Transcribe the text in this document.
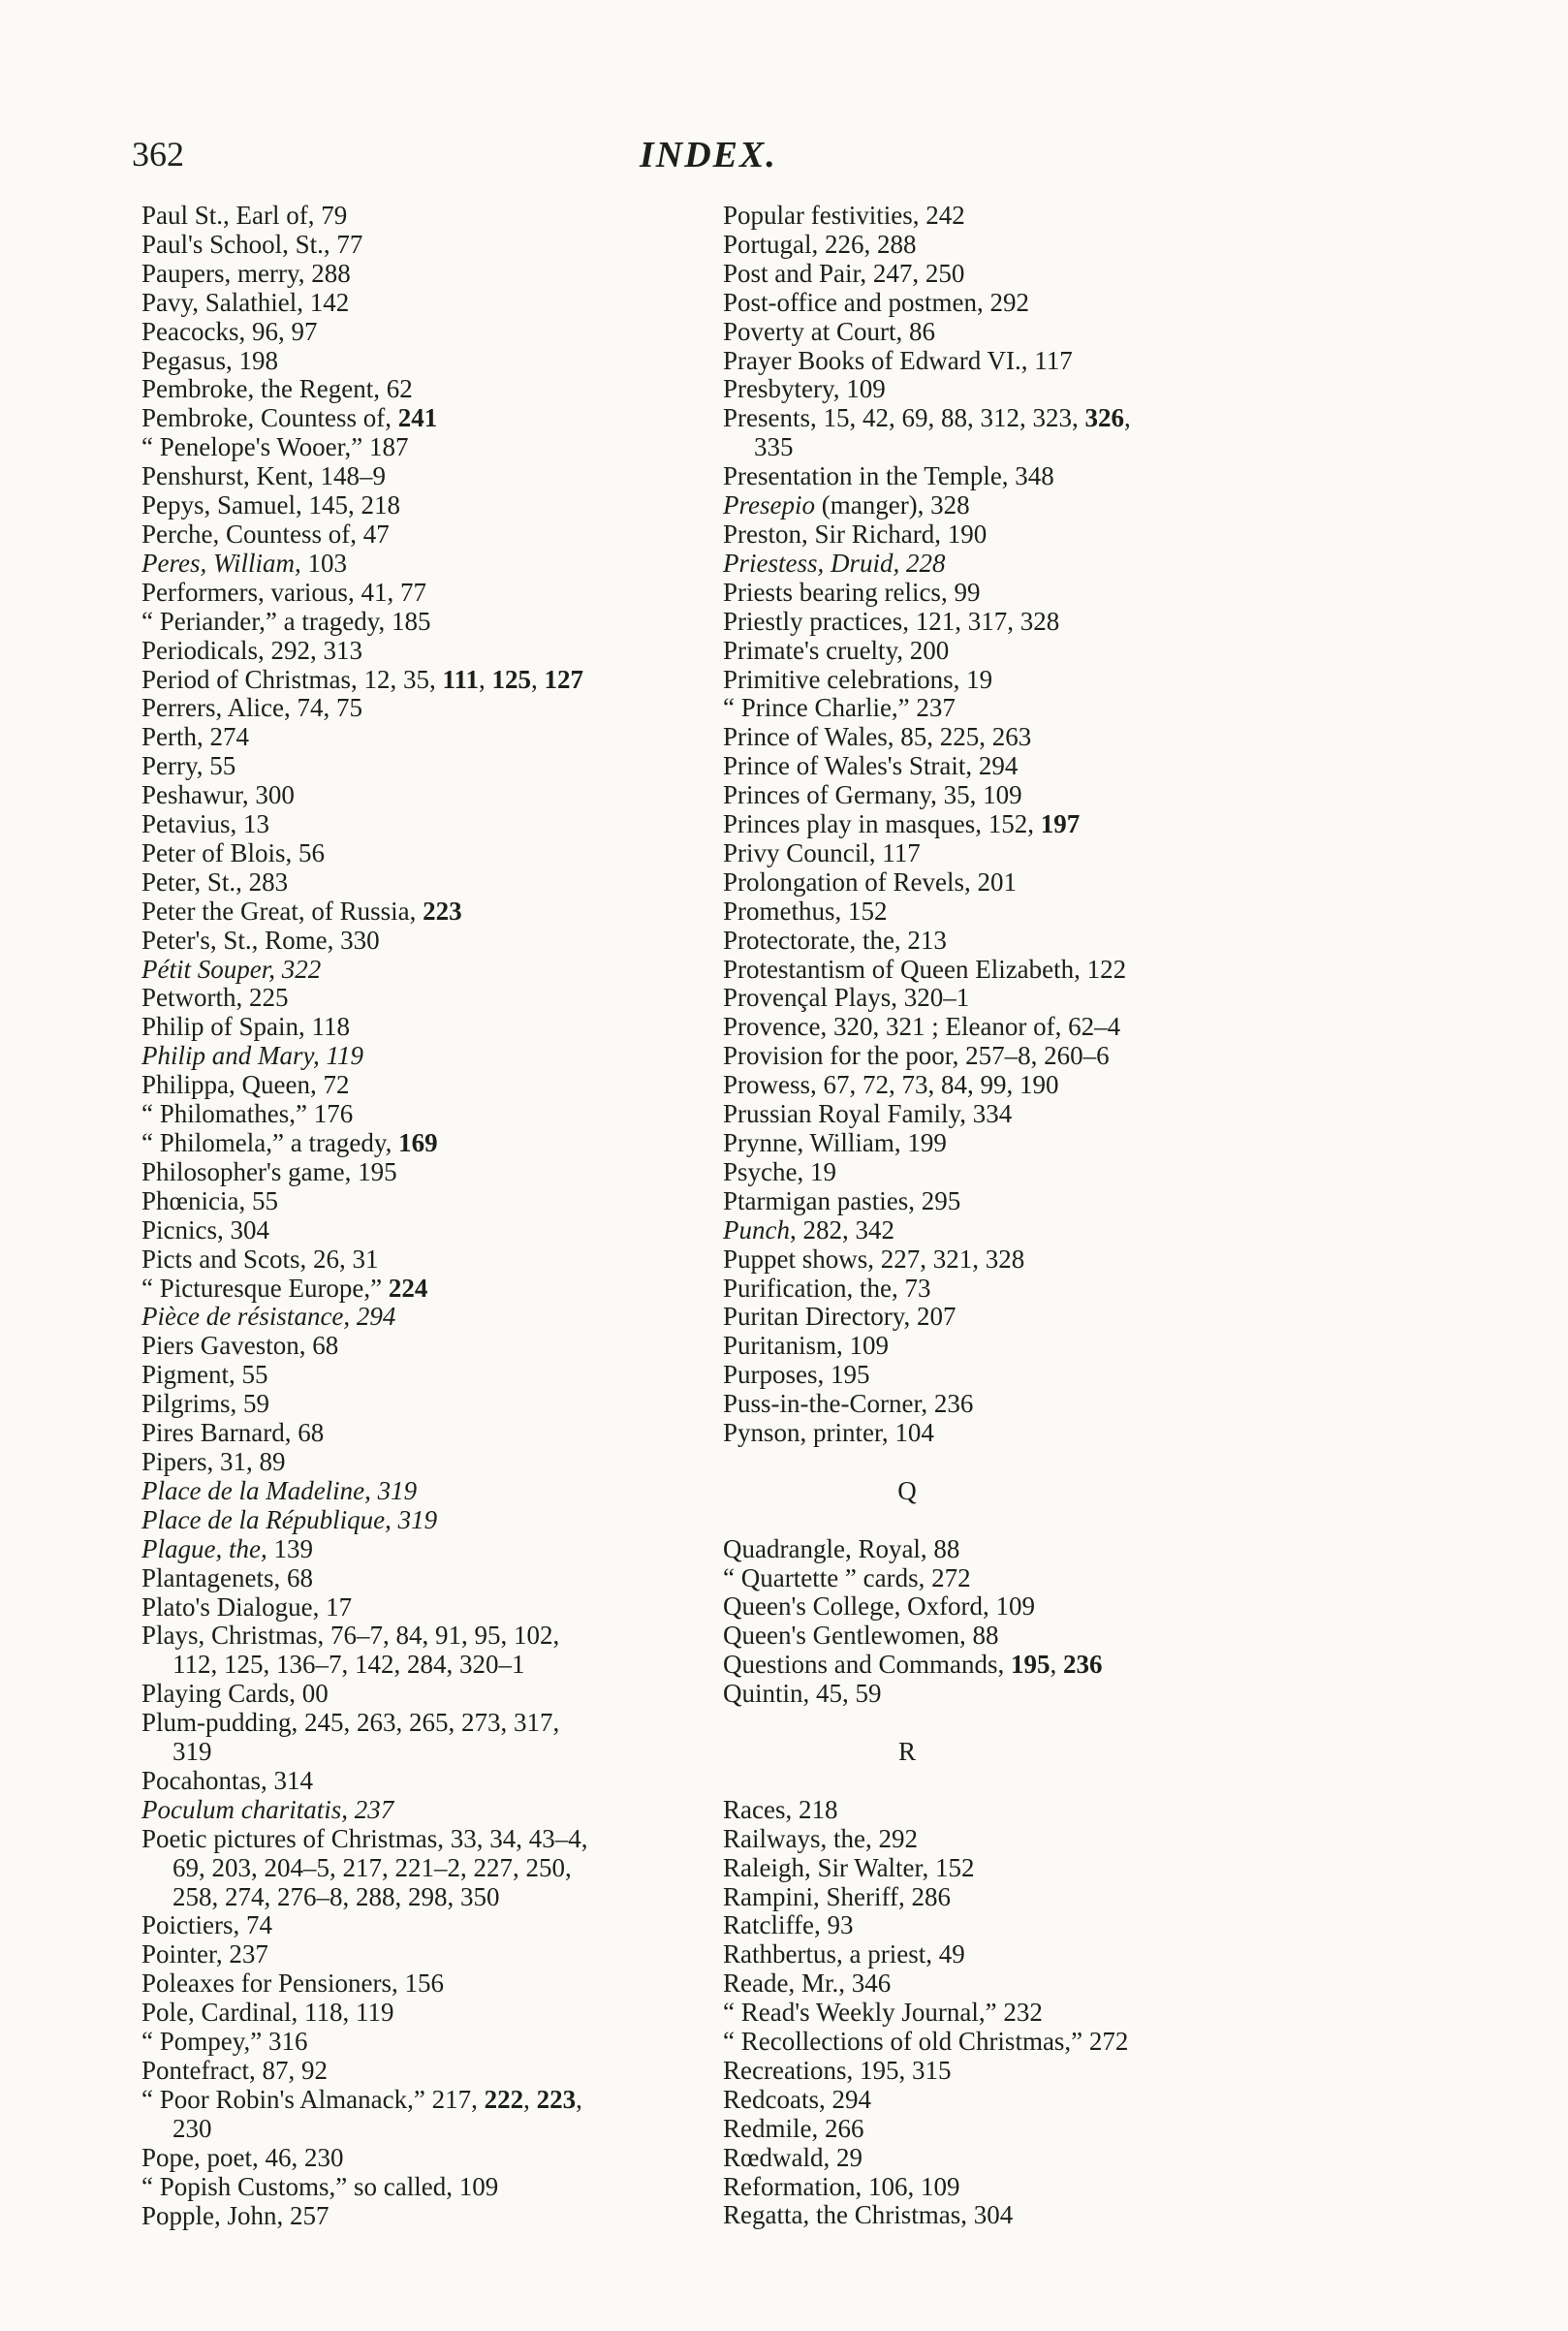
362	INDEX.
Paul St., Earl of, 79
Paul's School, St., 77
Paupers, merry, 288
Pavy, Salathiel, 142
Peacocks, 96, 97
Pegasus, 198
Pembroke, the Regent, 62
Pembroke, Countess of, 241
“ Penelope's Wooer,” 187
Penshurst, Kent, 148–9
Pepys, Samuel, 145, 218
Perche, Countess of, 47
Peres, William, 103
Performers, various, 41, 77
“ Periander,” a tragedy, 185
Periodicals, 292, 313
Period of Christmas, 12, 35, 111, 125, 127
Perrers, Alice, 74, 75
Perth, 274
Perry, 55
Peshawur, 300
Petavius, 13
Peter of Blois, 56
Peter, St., 283
Peter the Great, of Russia, 223
Peter's, St., Rome, 330
Pétit Souper, 322
Petworth, 225
Philip of Spain, 118
Philip and Mary, 119
Philippa, Queen, 72
“ Philomathes,” 176
“ Philomela,” a tragedy, 169
Philosopher's game, 195
Phœnicia, 55
Picnics, 304
Picts and Scots, 26, 31
“ Picturesque Europe,” 224
Pièce de résistance, 294
Piers Gaveston, 68
Pigment, 55
Pilgrims, 59
Pires Barnard, 68
Pipers, 31, 89
Place de la Madeline, 319
Place de la République, 319
Plague, the, 139
Plantagenets, 68
Plato's Dialogue, 17
Plays, Christmas, 76–7, 84, 91, 95, 102,
112, 125, 136–7, 142, 284, 320–1
Playing Cards, 00
Plum-pudding, 245, 263, 265, 273, 317,
319
Pocahontas, 314
Poculum charitatis, 237
Poetic pictures of Christmas, 33, 34, 43–4,
69, 203, 204–5, 217, 221–2, 227, 250,
258, 274, 276–8, 288, 298, 350
Poictiers, 74
Pointer, 237
Poleaxes for Pensioners, 156
Pole, Cardinal, 118, 119
“ Pompey,” 316
Pontefract, 87, 92
“ Poor Robin's Almanack,” 217, 222, 223,
230
Pope, poet, 46, 230
“ Popish Customs,” so called, 109
Popple, John, 257
Popular festivities, 242
Portugal, 226, 288
Post and Pair, 247, 250
Post-office and postmen, 292
Poverty at Court, 86
Prayer Books of Edward VI., 117
Presbytery, 109
Presents, 15, 42, 69, 88, 312, 323, 326,
335
Presentation in the Temple, 348
Presepio (manger), 328
Preston, Sir Richard, 190
Priestess, Druid, 228
Priests bearing relics, 99
Priestly practices, 121, 317, 328
Primate's cruelty, 200
Primitive celebrations, 19
“ Prince Charlie,” 237
Prince of Wales, 85, 225, 263
Prince of Wales's Strait, 294
Princes of Germany, 35, 109
Princes play in masques, 152, 197
Privy Council, 117
Prolongation of Revels, 201
Promethus, 152
Protectorate, the, 213
Protestantism of Queen Elizabeth, 122
Provençal Plays, 320–1
Provence, 320, 321 ; Eleanor of, 62–4
Provision for the poor, 257–8, 260–6
Prowess, 67, 72, 73, 84, 99, 190
Prussian Royal Family, 334
Prynne, William, 199
Psyche, 19
Ptarmigan pasties, 295
Punch, 282, 342
Puppet shows, 227, 321, 328
Purification, the, 73
Puritan Directory, 207
Puritanism, 109
Purposes, 195
Puss-in-the-Corner, 236
Pynson, printer, 104
Q
Quadrangle, Royal, 88
“ Quartette ” cards, 272
Queen's College, Oxford, 109
Queen's Gentlewomen, 88
Questions and Commands, 195, 236
Quintin, 45, 59
R
Races, 218
Railways, the, 292
Raleigh, Sir Walter, 152
Rampini, Sheriff, 286
Ratcliffe, 93
Rathbertus, a priest, 49
Reade, Mr., 346
“ Read's Weekly Journal,” 232
“ Recollections of old Christmas,” 272
Recreations, 195, 315
Redcoats, 294
Redmile, 266
Rœdwald, 29
Reformation, 106, 109
Regatta, the Christmas, 304
